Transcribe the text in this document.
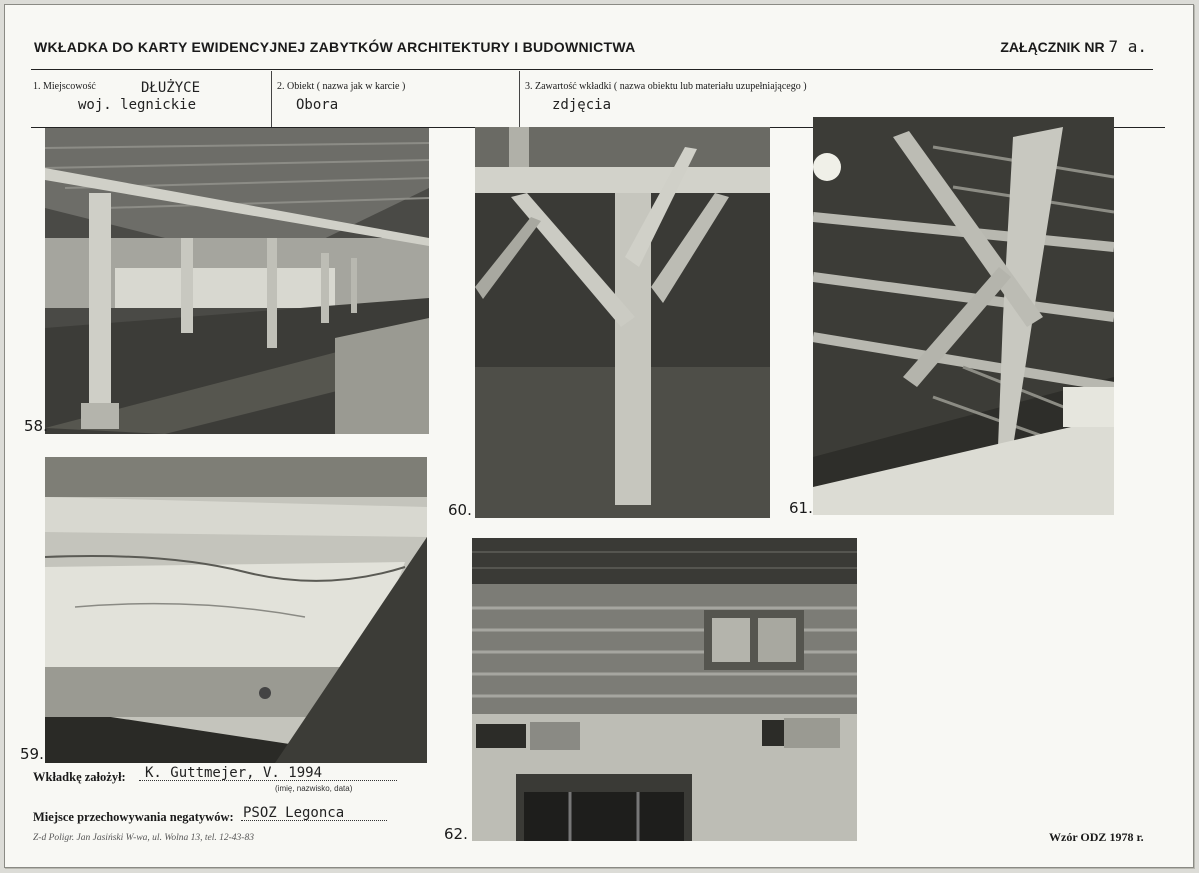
WKŁADKA DO KARTY EWIDENCYJNEJ ZABYTKÓW ARCHITEKTURY I BUDOWNICTWA	ZAŁĄCZNIK NR 7 a.
1. Miejscowość	DŁUŻYCE
woj. legnickie
2. Obiekt ( nazwa jak w karcie )
Obora
3. Zawartość wkładki ( nazwa obiektu lub materiału uzupełniającego )
zdjęcia
58.
59.
60.	61.
62.
Wkładkę założył: K. Guttmejer, V. 1994
(imię, nazwisko, data)
Miejsce przechowywania negatywów: PSOZ Legonca
Z-d Poligr. Jan Jasiński W-wa, ul. Wolna 13, tel. 12-43-83	Wzór ODZ 1978 r.
